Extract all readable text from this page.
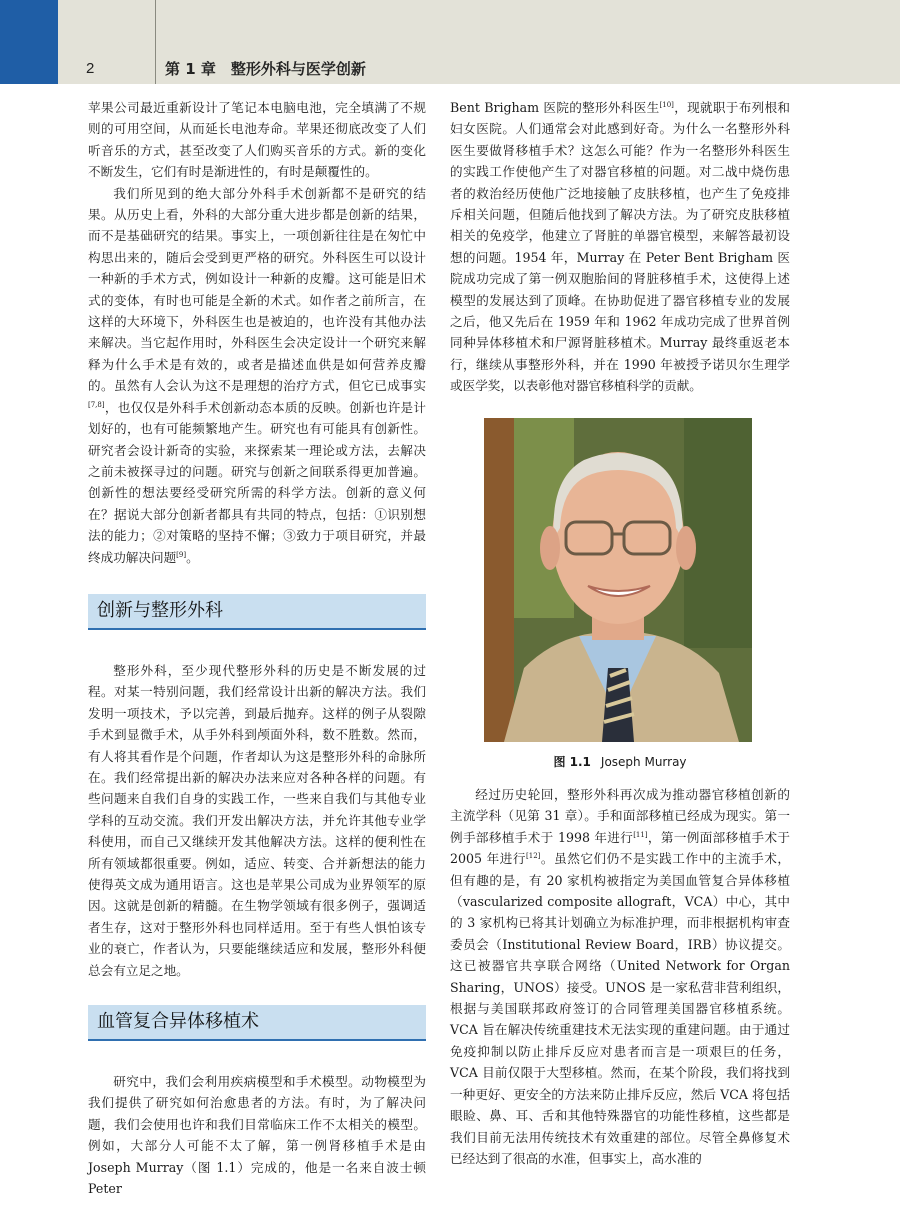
2	第 1 章　整形外科与医学创新

苹果公司最近重新设计了笔记本电脑电池，完全填满了不规则的可用空间，从而延长电池寿命。苹果还彻底改变了人们听音乐的方式，甚至改变了人们购买音乐的方式。新的变化不断发生，它们有时是渐进性的，有时是颠覆性的。

我们所见到的绝大部分外科手术创新都不是研究的结果。从历史上看，外科的大部分重大进步都是创新的结果，而不是基础研究的结果。事实上，一项创新往往是在匆忙中构思出来的，随后会受到更严格的研究。外科医生可以设计一种新的手术方式，例如设计一种新的皮瓣。这可能是旧术式的变体，有时也可能是全新的术式。如作者之前所言，在这样的大环境下，外科医生也是被迫的，也许没有其他办法来解决。当它起作用时，外科医生会决定设计一个研究来解释为什么手术是有效的，或者是描述血供是如何营养皮瓣的。虽然有人会认为这不是理想的治疗方式，但它已成事实[7,8]，也仅仅是外科手术创新动态本质的反映。创新也许是计划好的，也有可能频繁地产生。研究也有可能具有创新性。研究者会设计新奇的实验，来探索某一理论或方法，去解决之前未被探寻过的问题。研究与创新之间联系得更加普遍。创新性的想法要经受研究所需的科学方法。创新的意义何在？据说大部分创新者都具有共同的特点，包括：①识别想法的能力；②对策略的坚持不懈；③致力于项目研究，并最终成功解决问题[9]。

创新与整形外科

整形外科，至少现代整形外科的历史是不断发展的过程。对某一特别问题，我们经常设计出新的解决方法。我们发明一项技术，予以完善，到最后抛弃。这样的例子从裂隙手术到显微手术，从手外科到颅面外科，数不胜数。然而，有人将其看作是个问题，作者却认为这是整形外科的命脉所在。我们经常提出新的解决办法来应对各种各样的问题。有些问题来自我们自身的实践工作，一些来自我们与其他专业学科的互动交流。我们开发出解决方法，并允许其他专业学科使用，而自己又继续开发其他解决方法。这样的便利性在所有领域都很重要。例如，适应、转变、合并新想法的能力使得英文成为通用语言。这也是苹果公司成为业界领军的原因。这就是创新的精髓。在生物学领域有很多例子，强调适者生存，这对于整形外科也同样适用。至于有些人惧怕该专业的衰亡，作者认为，只要能继续适应和发展，整形外科便总会有立足之地。

血管复合异体移植术

研究中，我们会利用疾病模型和手术模型。动物模型为我们提供了研究如何治愈患者的方法。有时，为了解决问题，我们会使用也许和我们目常临床工作不太相关的模型。例如，大部分人可能不太了解，第一例肾移植手术是由 Joseph Murray（图 1.1）完成的，他是一名来自波士顿 Peter

Bent Brigham 医院的整形外科医生[10]，现就职于布列根和妇女医院。人们通常会对此感到好奇。为什么一名整形外科医生要做肾移植手术？这怎么可能？作为一名整形外科医生的实践工作使他产生了对器官移植的问题。对二战中烧伤患者的救治经历使他广泛地接触了皮肤移植，也产生了免疫排斥相关问题，但随后他找到了解决方法。为了研究皮肤移植相关的免疫学，他建立了肾脏的单器官模型，来解答最初设想的问题。1954 年，Murray 在 Peter Bent Brigham 医院成功完成了第一例双胞胎间的肾脏移植手术，这使得上述模型的发展达到了顶峰。在协助促进了器官移植专业的发展之后，他又先后在 1959 年和 1962 年成功完成了世界首例同种异体移植术和尸源肾脏移植术。Murray 最终重返老本行，继续从事整形外科，并在 1990 年被授予诺贝尔生理学或医学奖，以表彰他对器官移植科学的贡献。

图 1.1 Joseph Murray

经过历史轮回，整形外科再次成为推动器官移植创新的主流学科（见第 31 章）。手和面部移植已经成为现实。第一例手部移植手术于 1998 年进行[11]，第一例面部移植手术于 2005 年进行[12]。虽然它们仍不是实践工作中的主流手术，但有趣的是，有 20 家机构被指定为美国血管复合异体移植（vascularized composite allograft，VCA）中心，其中的 3 家机构已将其计划确立为标准护理，而非根据机构审查委员会（Institutional Review Board，IRB）协议提交。这已被器官共享联合网络（United Network for Organ Sharing，UNOS）接受。UNOS 是一家私营非营利组织，根据与美国联邦政府签订的合同管理美国器官移植系统。VCA 旨在解决传统重建技术无法实现的重建问题。由于通过免疫抑制以防止排斥反应对患者而言是一项艰巨的任务，VCA 目前仅限于大型移植。然而，在某个阶段，我们将找到一种更好、更安全的方法来防止排斥反应，然后 VCA 将包括眼睑、鼻、耳、舌和其他特殊器官的功能性移植，这些都是我们目前无法用传统技术有效重建的部位。尽管全鼻修复术已经达到了很高的水准，但事实上，高水准的
